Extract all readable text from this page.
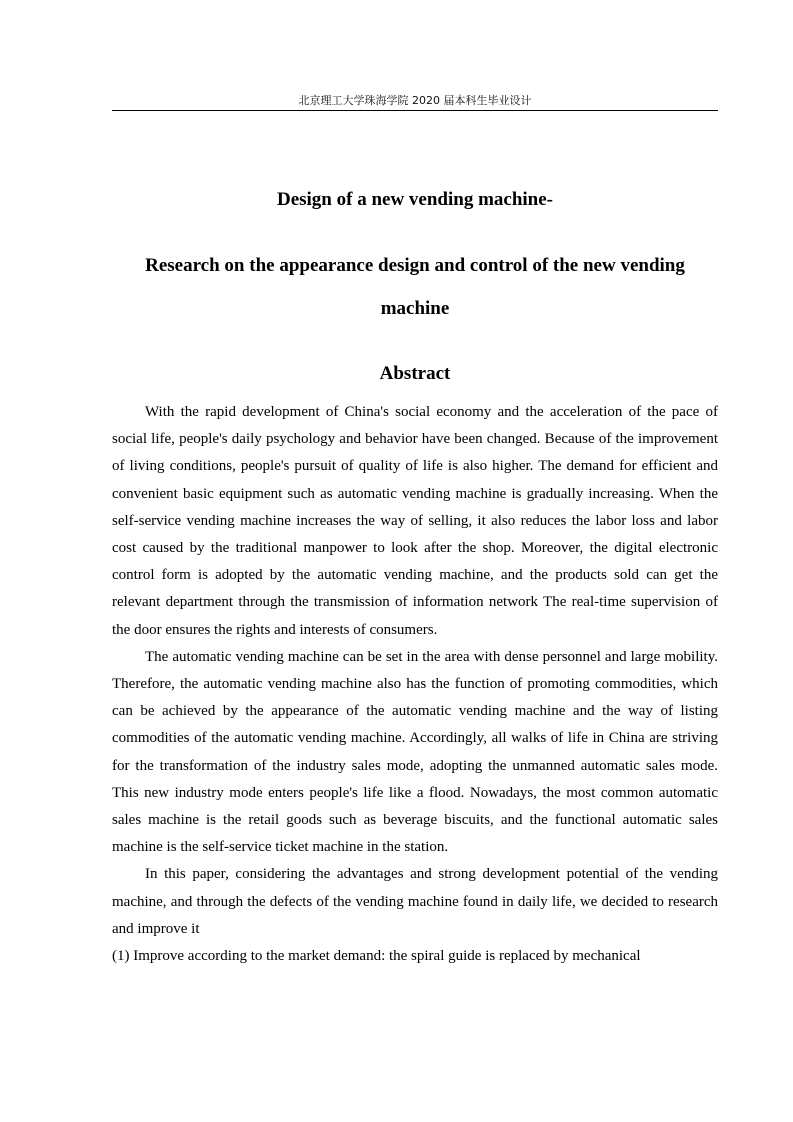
北京理工大学珠海学院 2020 届本科生毕业设计
Design of a new vending machine-
Research on the appearance design and control of the new vending
machine
Abstract

With the rapid development of China's social economy and the acceleration of the pace of social life, people's daily psychology and behavior have been changed. Because of the improvement of living conditions, people's pursuit of quality of life is also higher. The demand for efficient and convenient basic equipment such as automatic vending machine is gradually increasing. When the self-service vending machine increases the way of selling, it also reduces the labor loss and labor cost caused by the traditional manpower to look after the shop. Moreover, the digital electronic control form is adopted by the automatic vending machine, and the products sold can get the relevant department through the transmission of information network The real-time supervision of the door ensures the rights and interests of consumers.

The automatic vending machine can be set in the area with dense personnel and large mobility. Therefore, the automatic vending machine also has the function of promoting commodities, which can be achieved by the appearance of the automatic vending machine and the way of listing commodities of the automatic vending machine. Accordingly, all walks of life in China are striving for the transformation of the industry sales mode, adopting the unmanned automatic sales mode. This new industry mode enters people's life like a flood. Nowadays, the most common automatic sales machine is the retail goods such as beverage biscuits, and the functional automatic sales machine is the self-service ticket machine in the station.

In this paper, considering the advantages and strong development potential of the vending machine, and through the defects of the vending machine found in daily life, we decided to research and improve it

(1) Improve according to the market demand: the spiral guide is replaced by mechanical
